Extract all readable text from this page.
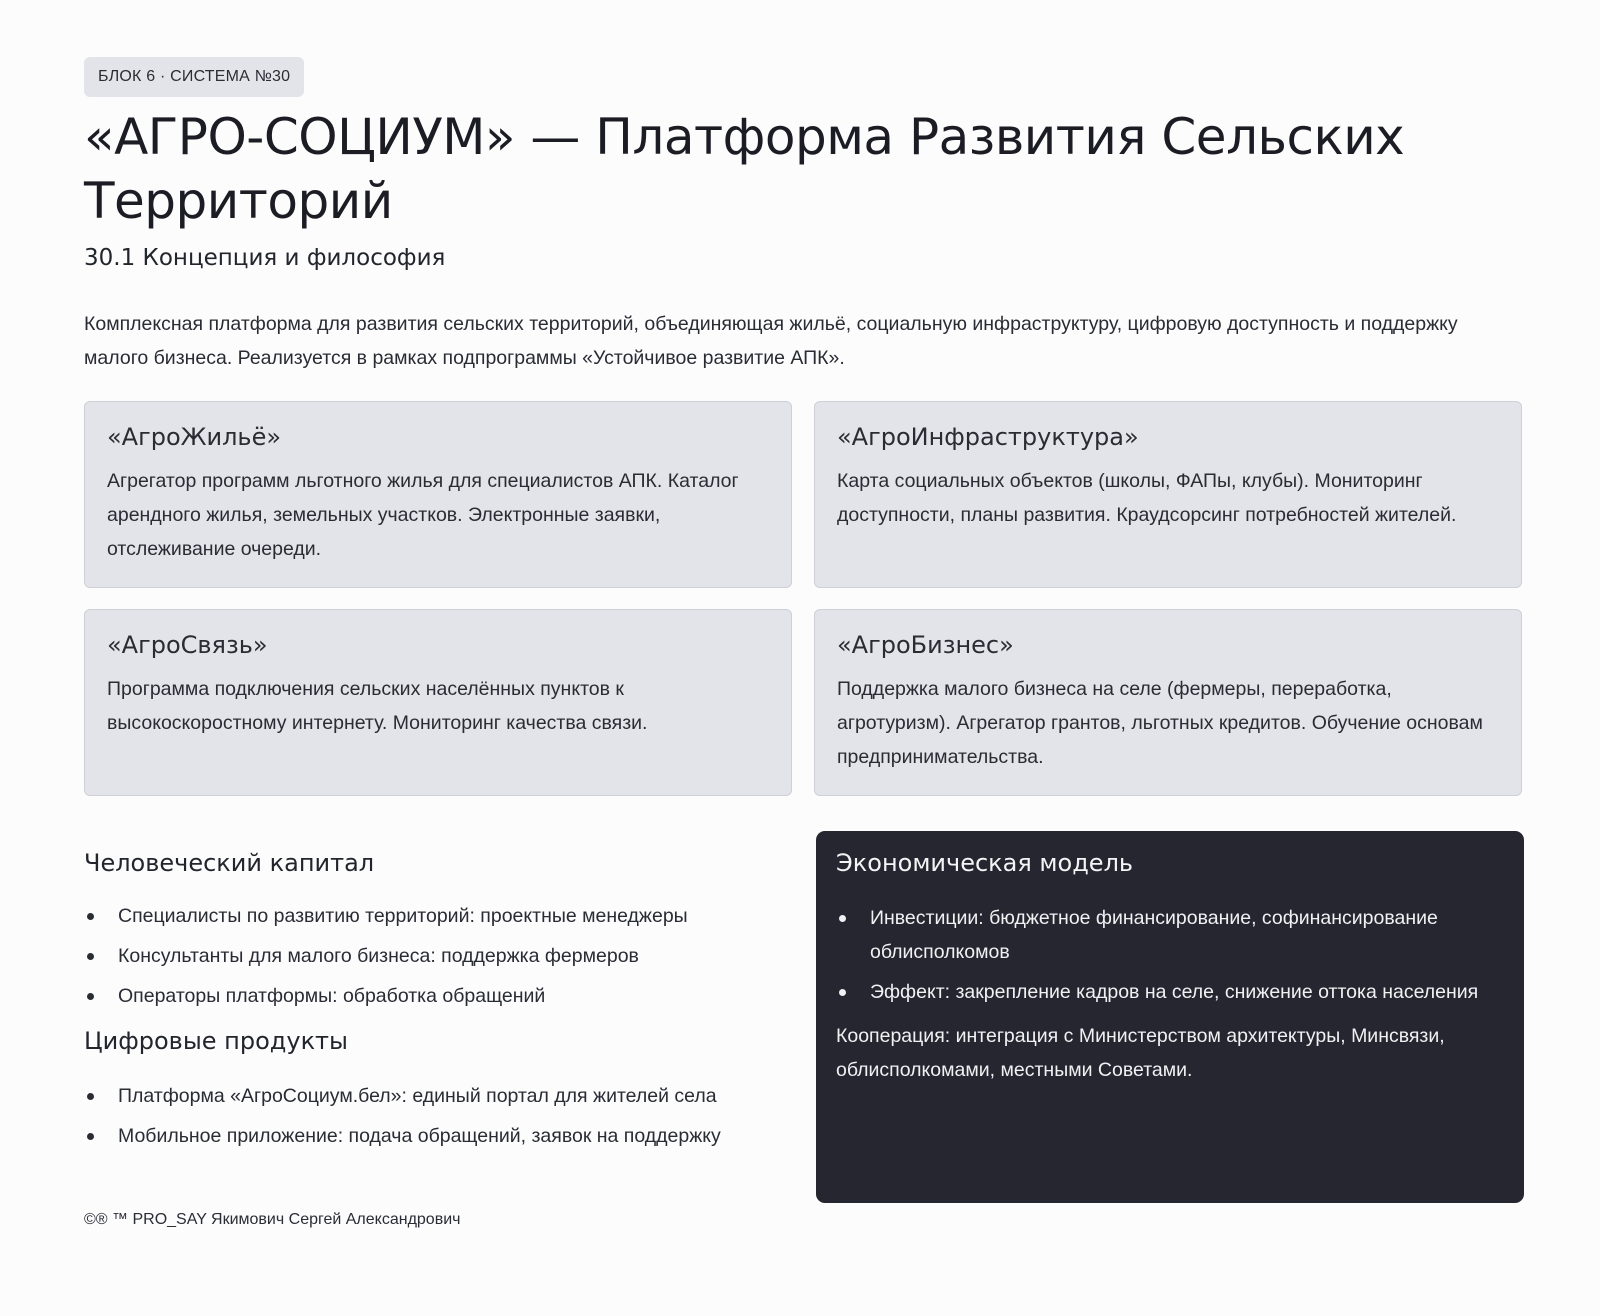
БЛОК 6 · СИСТЕМА №30
«АГРО-СОЦИУМ» — Платформа Развития Сельских Территорий
30.1 Концепция и философия

Комплексная платформа для развития сельских территорий, объединяющая жильё, социальную инфраструктуру, цифровую доступность и поддержку малого бизнеса. Реализуется в рамках подпрограммы «Устойчивое развитие АПК».

«АгроЖильё»

Агрегатор программ льготного жилья для специалистов АПК. Каталог арендного жилья, земельных участков. Электронные заявки, отслеживание очереди.

«АгроИнфраструктура»

Карта социальных объектов (школы, ФАПы, клубы). Мониторинг доступности, планы развития. Краудсорсинг потребностей жителей.

«АгроСвязь»

Программа подключения сельских населённых пунктов к высокоскоростному интернету. Мониторинг качества связи.

«АгроБизнес»

Поддержка малого бизнеса на селе (фермеры, переработка, агротуризм). Агрегатор грантов, льготных кредитов. Обучение основам предпринимательства.

Человеческий капитал
Специалисты по развитию территорий: проектные менеджеры
Консультанты для малого бизнеса: поддержка фермеров
Операторы платформы: обработка обращений
Цифровые продукты
Платформа «АгроСоциум.бел»: единый портал для жителей села
Мобильное приложение: подача обращений, заявок на поддержку
Экономическая модель
Инвестиции: бюджетное финансирование, софинансирование облисполкомов
Эффект: закрепление кадров на селе, снижение оттока населения

Кооперация: интеграция с Министерством архитектуры, Минсвязи, облисполкомами, местными Советами.

©® ™ PRO_SAY Якимович Сергей Александрович
